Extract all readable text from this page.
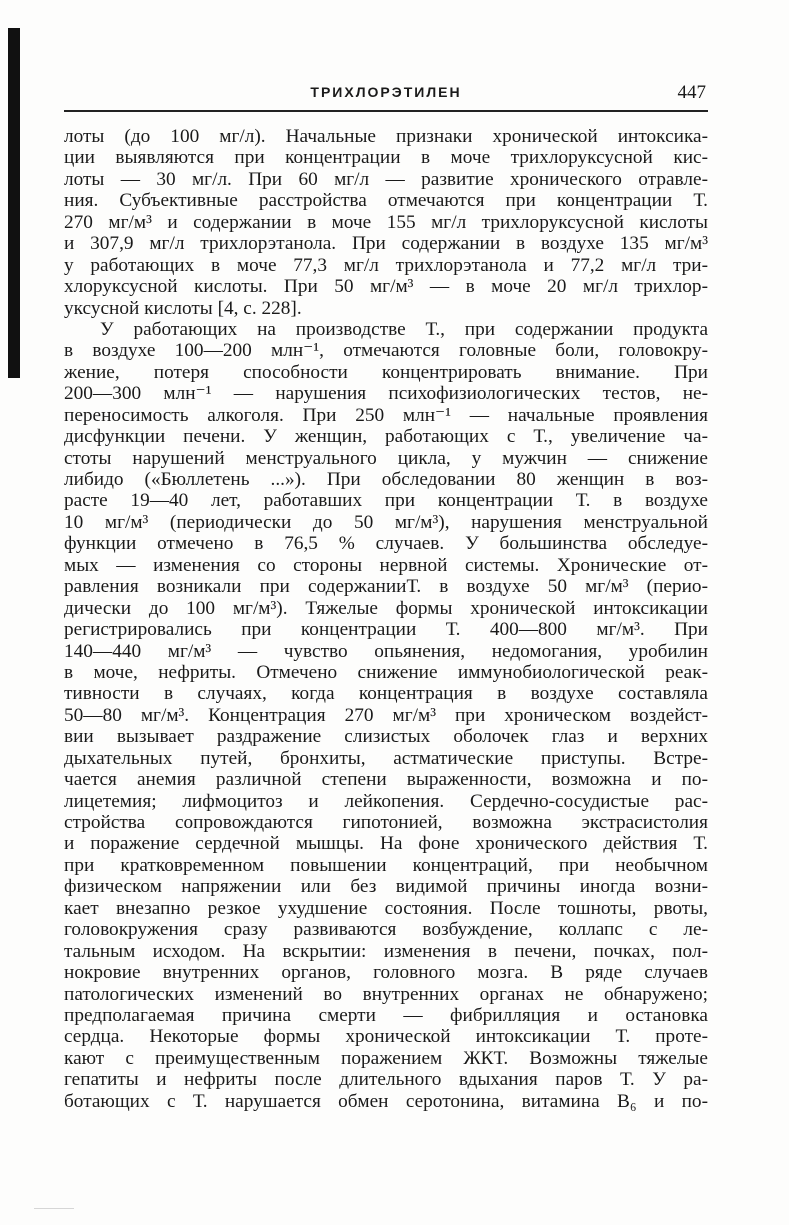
ТРИХЛОРЭТИЛЕН	447
лоты (до 100 мг/л). Начальные признаки хронической интоксика-
ции выявляются при концентрации в моче трихлоруксусной кис-
лоты — 30 мг/л. При 60 мг/л — развитие хронического отравле-
ния. Субъективные расстройства отмечаются при концентрации Т.
270 мг/м³ и содержании в моче 155 мг/л трихлоруксусной кислоты
и 307,9 мг/л трихлорэтанола. При содержании в воздухе 135 мг/м³
у работающих в моче 77,3 мг/л трихлорэтанола и 77,2 мг/л три-
хлоруксусной кислоты. При 50 мг/м³ — в моче 20 мг/л трихлор-
уксусной кислоты [4, с. 228].
У работающих на производстве Т., при содержании продукта
в воздухе 100—200 млн⁻¹, отмечаются головные боли, головокру-
жение, потеря способности концентрировать внимание. При
200—300 млн⁻¹ — нарушения психофизиологических тестов, не-
переносимость алкоголя. При 250 млн⁻¹ — начальные проявления
дисфункции печени. У женщин, работающих с Т., увеличение ча-
стоты нарушений менструального цикла, у мужчин — снижение
либидо («Бюллетень ...»). При обследовании 80 женщин в воз-
расте 19—40 лет, работавших при концентрации Т. в воздухе
10 мг/м³ (периодически до 50 мг/м³), нарушения менструальной
функции отмечено в 76,5 % случаев. У большинства обследуе-
мых — изменения со стороны нервной системы. Хронические от-
равления возникали при содержанииТ. в воздухе 50 мг/м³ (перио-
дически до 100 мг/м³). Тяжелые формы хронической интоксикации
регистрировались при концентрации Т. 400—800 мг/м³. При
140—440 мг/м³ — чувство опьянения, недомогания, уробилин
в моче, нефриты. Отмечено снижение иммунобиологической реак-
тивности в случаях, когда концентрация в воздухе составляла
50—80 мг/м³. Концентрация 270 мг/м³ при хроническом воздейст-
вии вызывает раздражение слизистых оболочек глаз и верхних
дыхательных путей, бронхиты, астматические приступы. Встре-
чается анемия различной степени выраженности, возможна и по-
лицетемия; лифмоцитоз и лейкопения. Сердечно-сосудистые рас-
стройства сопровождаются гипотонией, возможна экстрасистолия
и поражение сердечной мышцы. На фоне хронического действия Т.
при кратковременном повышении концентраций, при необычном
физическом напряжении или без видимой причины иногда возни-
кает внезапно резкое ухудшение состояния. После тошноты, рвоты,
головокружения сразу развиваются возбуждение, коллапс с ле-
тальным исходом. На вскрытии: изменения в печени, почках, пол-
нокровие внутренних органов, головного мозга. В ряде случаев
патологических изменений во внутренних органах не обнаружено;
предполагаемая причина смерти — фибрилляция и остановка
сердца. Некоторые формы хронической интоксикации Т. проте-
кают с преимущественным поражением ЖКТ. Возможны тяжелые
гепатиты и нефриты после длительного вдыхания паров Т. У ра-
ботающих с Т. нарушается обмен серотонина, витамина B₆ и по-
